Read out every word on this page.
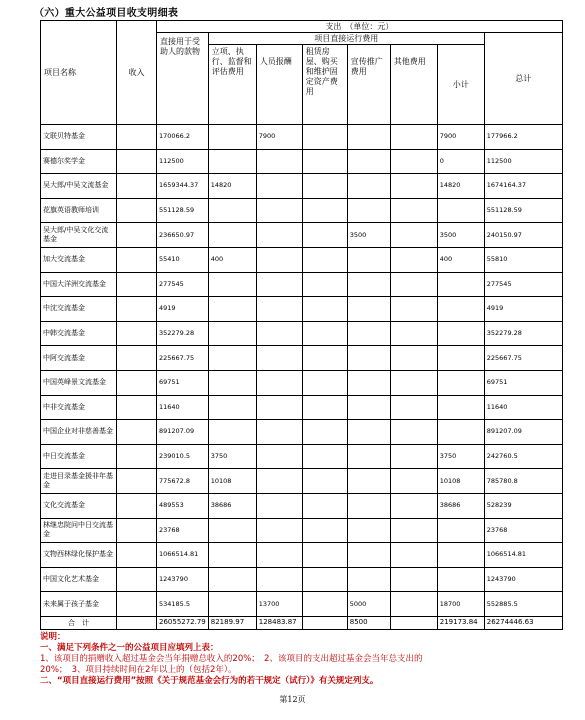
（六）重大公益项目收支明细表
项目名称	收入	支出　（单位：元）							
		直接用于受助人的款物	项目直接运行费用						总计
			立项、执行、监督和评估费用	人员报酬	租赁房屋、购买和维护固定资产费用	宣传推广费用	其他费用	小计	
文联贝特基金		170066.2		7900				7900	177966.2
赛德尔奖学金		112500						0	112500
吴大郎/中吴文流基金		1659344.37	14820					14820	1674164.37
花旗英语教师培训		551128.59							551128.59
吴大郎/中吴文化交流基金		236650.97				3500		3500	240150.97
加大交流基金		55410	400					400	55810
中国大洋洲交流基金		277545							277545
中沈交流基金		4919							4919
中韩交流基金		352279.28							352279.28
中阿交流基金		225667.75							225667.75
中国英峰景文流基金		69751							69751
中非交流基金		11640							11640
中国企业对非慈善基金		891207.09							891207.09
中日交流基金		239010.5	3750					3750	242760.5
走进目录基金援非年基金		775672.8	10108					10108	785780.8
文化交流基金		489553	38686					38686	528239
林继忠院问中日交流基金		23768							23768
文物西林绿化保护基金		1066514.81							1066514.81
中国文化艺术基金		1243790							1243790
未来属于孩子基金		534185.5		13700		5000		18700	552885.5
合　计		26055272.79	82189.97	128483.87		8500		219173.84	26274446.63
说明：
一、满足下列条件之一的公益项目应填列上表：
1、该项目的捐赠收入超过基金会当年捐赠总收入的20%；　2、该项目的支出超过基金会当年总支出的
20%；　3、项目持续时间在2年以上的（包括2年）。
二、“项目直接运行费用”按照《关于规范基金会行为的若干规定（试行）》有关规定列支。
第12页
